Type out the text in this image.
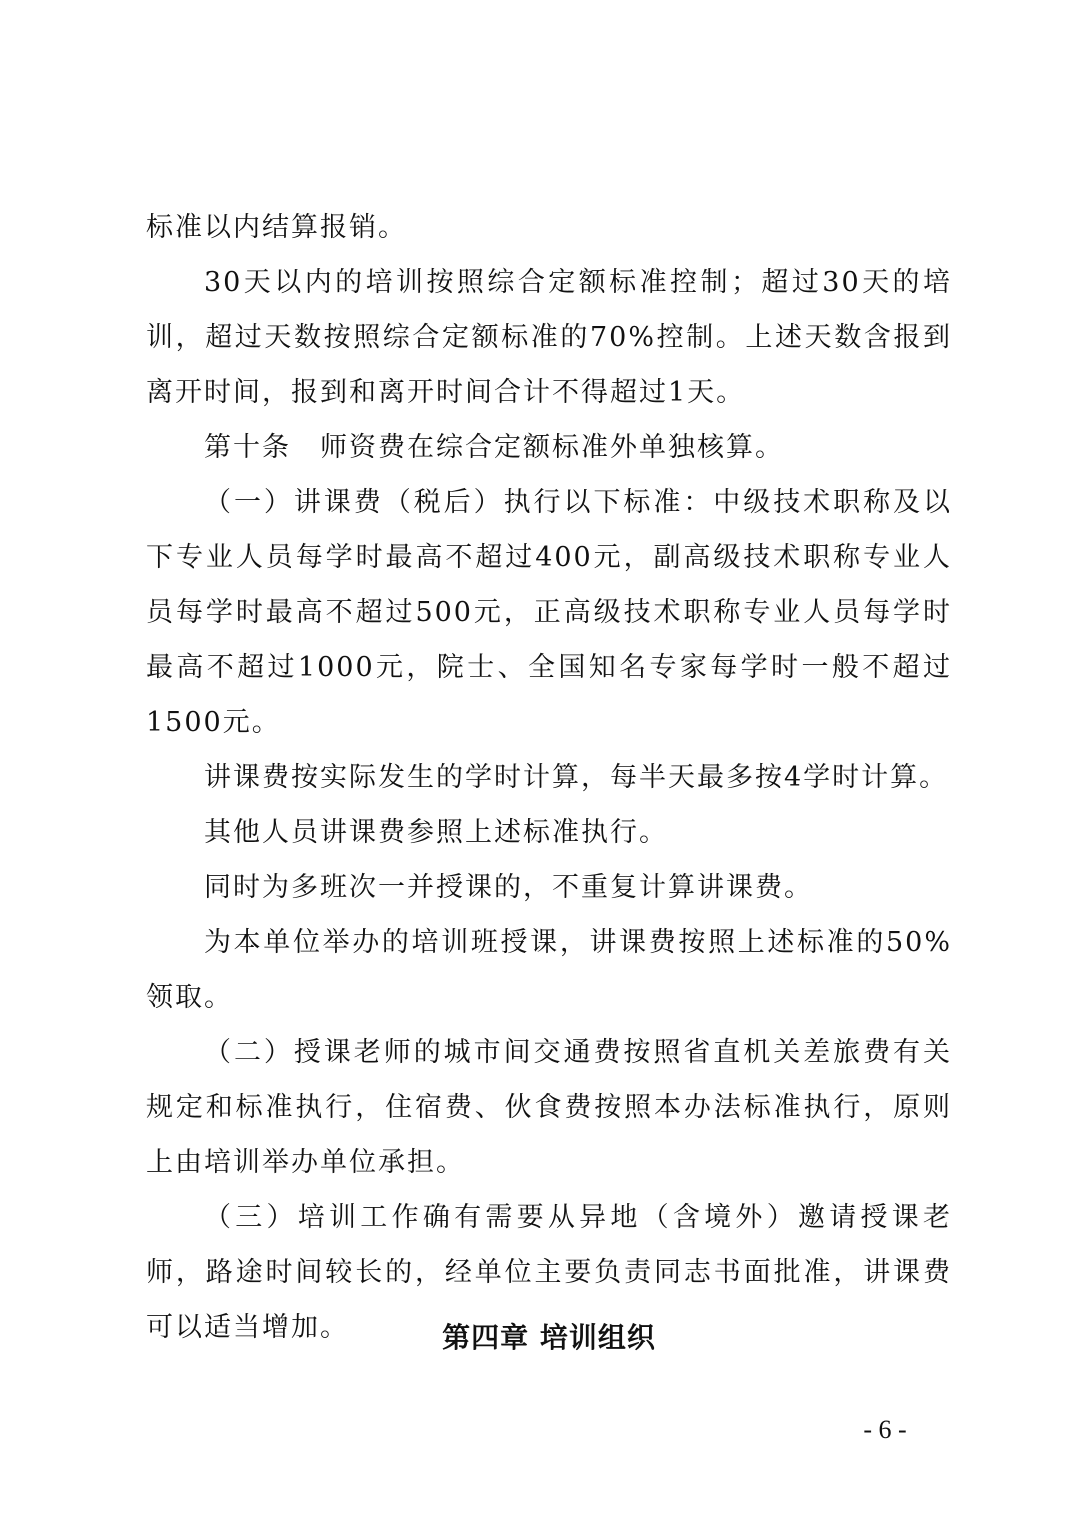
标准以内结算报销。

30天以内的培训按照综合定额标准控制；超过30天的培训，超过天数按照综合定额标准的70%控制。上述天数含报到离开时间，报到和离开时间合计不得超过1天。

第十条　师资费在综合定额标准外单独核算。

（一）讲课费（税后）执行以下标准：中级技术职称及以下专业人员每学时最高不超过400元，副高级技术职称专业人员每学时最高不超过500元，正高级技术职称专业人员每学时最高不超过1000元，院士、全国知名专家每学时一般不超过1500元。

讲课费按实际发生的学时计算，每半天最多按4学时计算。

其他人员讲课费参照上述标准执行。

同时为多班次一并授课的，不重复计算讲课费。

为本单位举办的培训班授课，讲课费按照上述标准的50%领取。

（二）授课老师的城市间交通费按照省直机关差旅费有关规定和标准执行，住宿费、伙食费按照本办法标准执行，原则上由培训举办单位承担。

（三）培训工作确有需要从异地（含境外）邀请授课老师，路途时间较长的，经单位主要负责同志书面批准，讲课费可以适当增加。	第四章 培训组织
- 6 -
